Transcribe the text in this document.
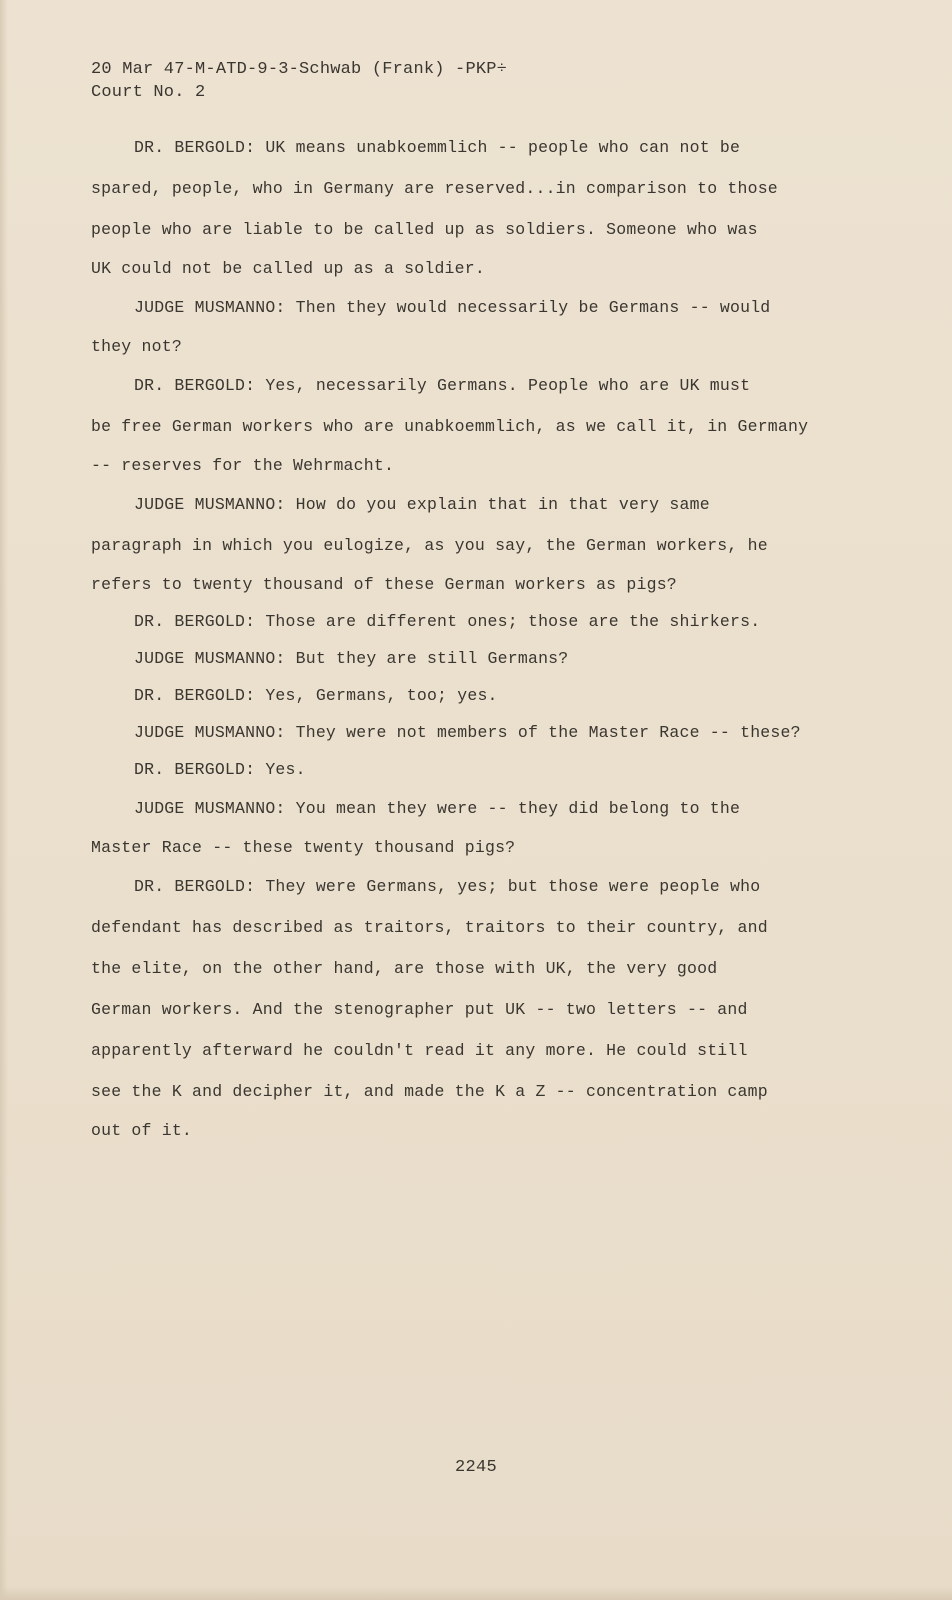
20 Mar 47-M-ATD-9-3-Schwab (Frank) -PKP÷
Court No. 2
DR. BERGOLD: UK means unabkoemmlich -- people who can not be
spared, people, who in Germany are reserved...in comparison to those
people who are liable to be called up as soldiers. Someone who was
UK could not be called up as a soldier.
JUDGE MUSMANNO: Then they would necessarily be Germans -- would
they not?
DR. BERGOLD: Yes, necessarily Germans. People who are UK must
be free German workers who are unabkoemmlich, as we call it, in Germany
-- reserves for the Wehrmacht.
JUDGE MUSMANNO: How do you explain that in that very same
paragraph in which you eulogize, as you say, the German workers, he
refers to twenty thousand of these German workers as pigs?
DR. BERGOLD: Those are different ones; those are the shirkers.
JUDGE MUSMANNO: But they are still Germans?
DR. BERGOLD: Yes, Germans, too; yes.
JUDGE MUSMANNO: They were not members of the Master Race -- these?
DR. BERGOLD: Yes.
JUDGE MUSMANNO: You mean they were -- they did belong to the
Master Race -- these twenty thousand pigs?
DR. BERGOLD: They were Germans, yes; but those were people who
defendant has described as traitors, traitors to their country, and
the elite, on the other hand, are those with UK, the very good
German workers. And the stenographer put UK -- two letters -- and
apparently afterward he couldn't read it any more. He could still
see the K and decipher it, and made the K a Z -- concentration camp
out of it.
2245
